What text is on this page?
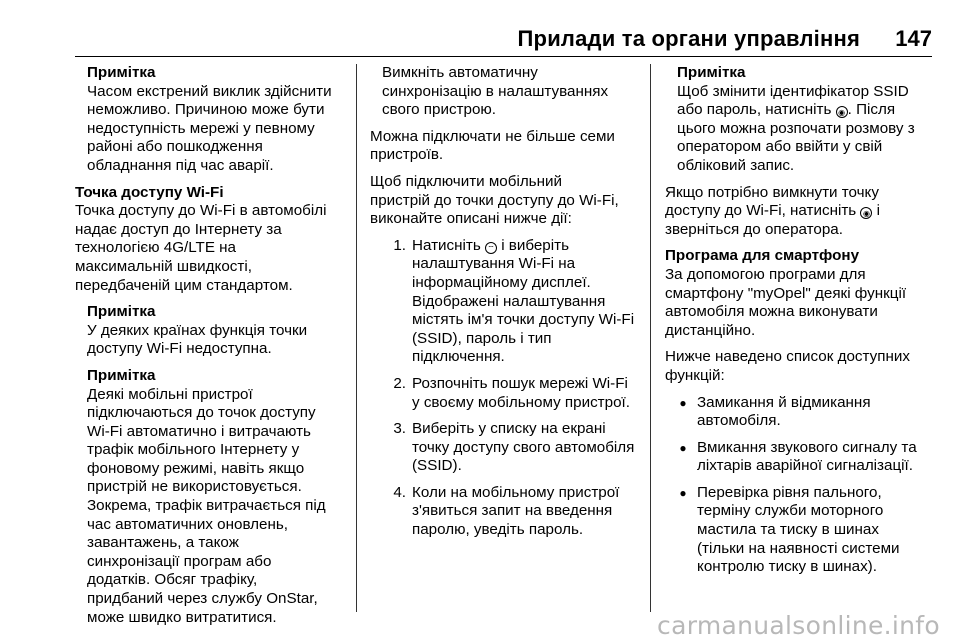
Прилади та органи управління 147
Примітка
Часом екстрений виклик здійснити
неможливо. Причиною може бути
недоступність мережі у певному
районі або пошкодження
обладнання під час аварії.
Точка доступу Wi-Fi

Точка доступу до Wi-Fi в автомобілі
надає доступ до Інтернету за
технологією 4G/LTE на
максимальній швидкості,
передбаченій цим стандартом.

Примітка
У деяких країнах функція точки
доступу Wi-Fi недоступна.
Примітка
Деякі мобільні пристрої
підключаються до точок доступу
Wi-Fi автоматично і витрачають
трафік мобільного Інтернету у
фоновому режимі, навіть якщо
пристрій не використовується.
Зокрема, трафік витрачається під
час автоматичних оновлень,
завантажень, а також
синхронізації програм або
додатків. Обсяг трафіку,
придбаний через службу OnStar,
може швидко витратитися.
Вимкніть автоматичну
синхронізацію в налаштуваннях
свого пристрою.

Можна підключати не більше семи
пристроїв.

Щоб підключити мобільний
пристрій до точки доступу до Wi-Fi,
виконайте описані нижче дії:

1. Натисніть ⌔ і виберіть
налаштування Wi-Fi на
інформаційному дисплеї.
Відображені налаштування
містять ім'я точки доступу Wi-Fi
(SSID), пароль і тип
підключення.
2. Розпочніть пошук мережі Wi-Fi
у своєму мобільному пристрої.
3. Виберіть у списку на екрані
точку доступу свого автомобіля
(SSID).
4. Коли на мобільному пристрої
з'явиться запит на введення
паролю, уведіть пароль.
Примітка
Щоб змінити ідентифікатор SSID
або пароль, натисніть ◉ . Після
цього можна розпочати розмову з
оператором або ввійти у свій
обліковий запис.

Якщо потрібно вимкнути точку
доступу до Wi-Fi, натисніть ◉ і
зверніться до оператора.

Програма для смартфону

За допомогою програми для
смартфону "myOpel" деякі функції
автомобіля можна виконувати
дистанційно.

Нижче наведено список доступних
функцій:

● Замикання й відмикання
автомобіля.
● Вмикання звукового сигналу та
ліхтарів аварійної сигналізації.
● Перевірка рівня пального,
терміну служби моторного
мастила та тиску в шинах
(тільки на наявності системи
контролю тиску в шинах).
carmanualsonline.info
